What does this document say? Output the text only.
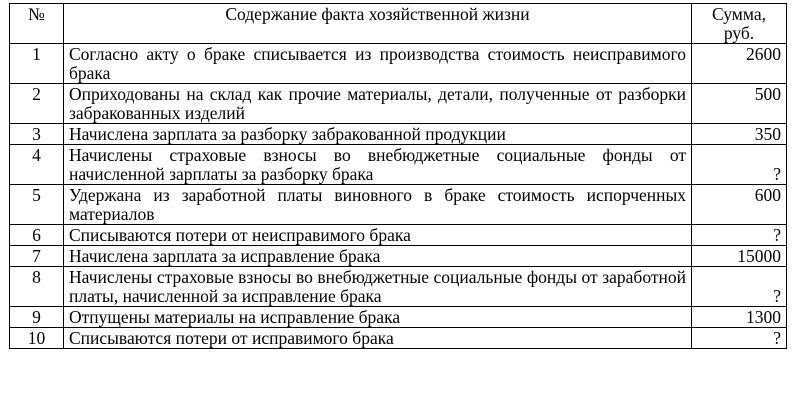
№	Содержание факта хозяйственной жизни	Сумма, руб.
1	Согласно акту о браке списывается из производства стоимость неисправимого брака	2600
2	Оприходованы на склад как прочие материалы, детали, полученные от разборки забракованных изделий	500
3	Начислена зарплата за разборку забракованной продукции	350
4	Начислены страховые взносы во внебюджетные социальные фонды от начисленной зарплаты за разборку брака	?
5	Удержана из заработной платы виновного в браке стоимость испорченных материалов	600
6	Списываются потери от неисправимого брака	?
7	Начислена зарплата за исправление брака	15000
8	Начислены страховые взносы во внебюджетные социальные фонды от заработной платы, начисленной за исправление брака	?
9	Отпущены материалы на исправление брака	1300
10	Списываются потери от исправимого брака	?
